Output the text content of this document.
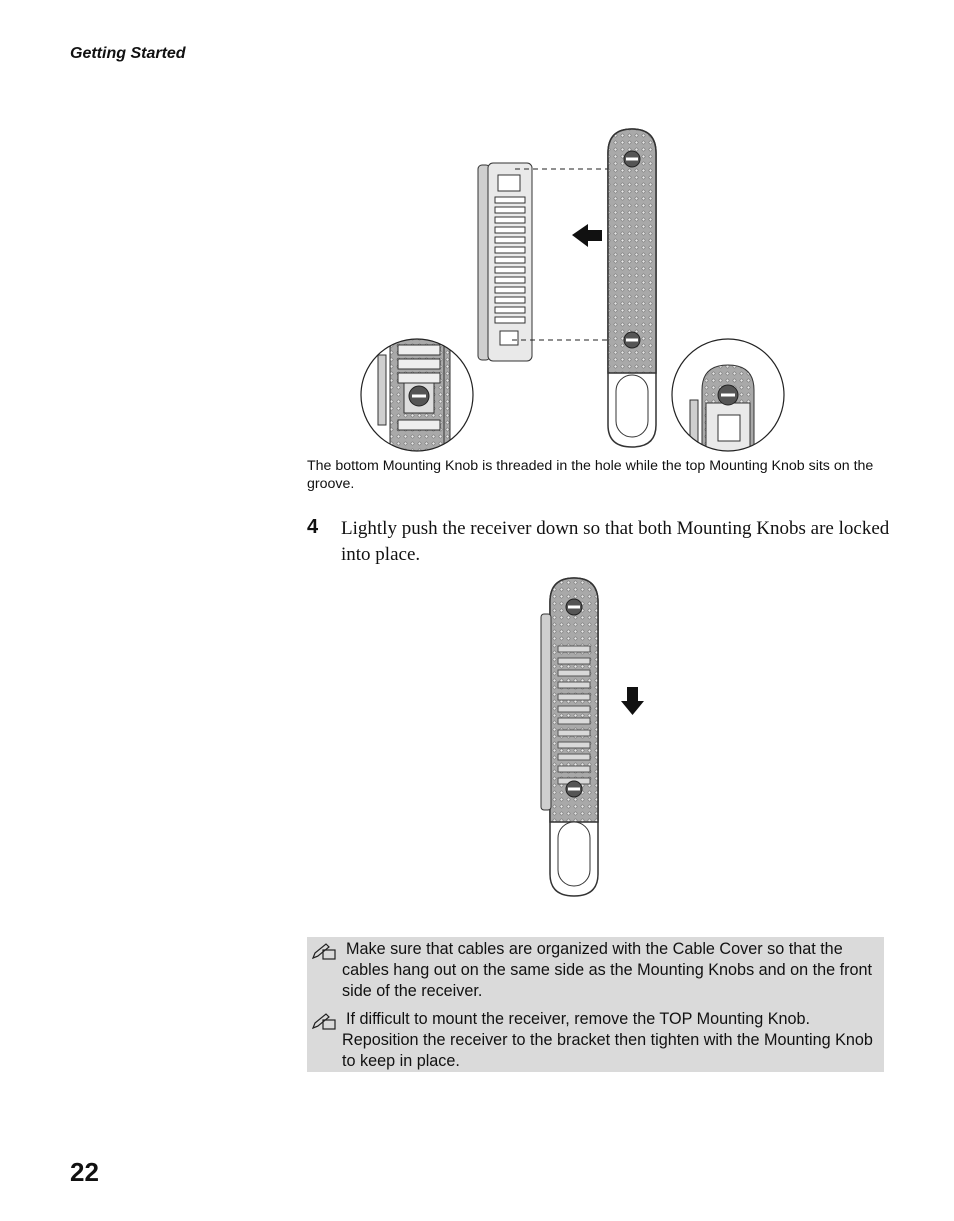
Getting Started
The bottom Mounting Knob is threaded in the hole while the top Mounting Knob sits on the groove.
4 Lightly push the receiver down so that both Mounting Knobs are locked into place.
Make sure that cables are organized with the Cable Cover so that the cables hang out on the same side as the Mounting Knobs and on the front side of the receiver.
If difficult to mount the receiver, remove the TOP Mounting Knob. Reposition the receiver to the bracket then tighten with the Mounting Knob to keep in place.
22
